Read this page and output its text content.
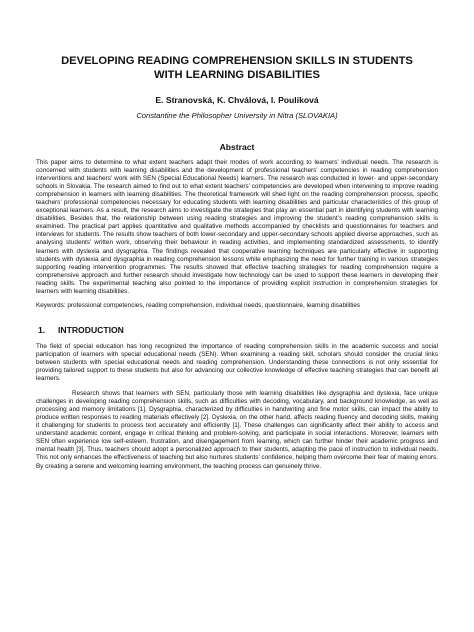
DEVELOPING READING COMPREHENSION SKILLS IN STUDENTS
WITH LEARNING DISABILITIES
E. Stranovská, K. Chválová, I. Pouliková
Constantine the Philosopher University in Nitra (SLOVAKIA)
Abstract
This paper aims to determine to what extent teachers adapt their modes of work according to learners’ individual needs. The research is concerned with students with learning disabilities and the development of professional teachers’ competencies in reading comprehension interventions and teachers’ work with SEN (Special Educational Needs) learners. The research was conducted in lower- and upper-secondary schools in Slovakia. The research aimed to find out to what extent teachers’ competencies are developed when intervening to improve reading comprehension in learners with learning disabilities. The theoretical framework will shed light on the reading comprehension process, specific teachers’ professional competencies necessary for educating students with learning disabilities and particular characteristics of this group of exceptional learners. As a result, the research aims to investigate the strategies that play an essential part in identifying students with learning disabilities. Besides that, the relationship between using reading strategies and improving the student’s reading comprehension skills is examined. The practical part applies quantitative and qualitative methods accompanied by checklists and questionnaires for teachers and interviews for students. The results show teachers of both lower-secondary and upper-secondary schools applied diverse approaches, such as analysing students’ written work, observing their behaviour in reading activities, and implementing standardized assessments, to identify learners with dyslexia and dysgraphia. The findings revealed that cooperative learning techniques are particularly effective in supporting students with dyslexia and dysgraphia in reading comprehension lessons while emphasizing the need for further training in various strategies supporting reading intervention programmes. The results showed that effective teaching strategies for reading comprehension require a comprehensive approach and further research should investigate how technology can be used to support these learners in developing their reading skills. The experimental teaching also pointed to the importance of providing explicit instruction in comprehension strategies for learners with learning disabilities.
Keywords: professional competencies, reading comprehension, individual needs, questionnaire, learning disabilities
1. INTRODUCTION
The field of special education has long recognized the importance of reading comprehension skills in the academic success and social participation of learners with special educational needs (SEN). When examining a reading skill, scholars should consider the crucial links between students with special educational needs and reading comprehension. Understanding these connections is not only essential for providing tailored support to these students but also for advancing our collective knowledge of effective teaching strategies that can benefit all learners.
Research shows that learners with SEN, particularly those with learning disabilities like dysgraphia and dyslexia, face unique challenges in developing reading comprehension skills, such as difficulties with decoding, vocabulary, and background knowledge, as well as processing and memory limitations [1]. Dysgraphia, characterized by difficulties in handwriting and fine motor skills, can impact the ability to produce written responses to reading materials effectively [2]. Dyslexia, on the other hand, affects reading fluency and decoding skills, making it challenging for students to process text accurately and efficiently [1]. These challenges can significantly affect their ability to access and understand academic content, engage in critical thinking and problem-solving, and participate in social interactions. Moreover, learners with SEN often experience low self-esteem, frustration, and disengagement from learning, which can further hinder their academic progress and mental health [3]. Thus, teachers should adopt a personalized approach to their students, adapting the pace of instruction to individual needs. This not only enhances the effectiveness of teaching but also nurtures students’ confidence, helping them overcome their fear of making errors. By creating a serene and welcoming learning environment, the teaching process can genuinely thrive.
